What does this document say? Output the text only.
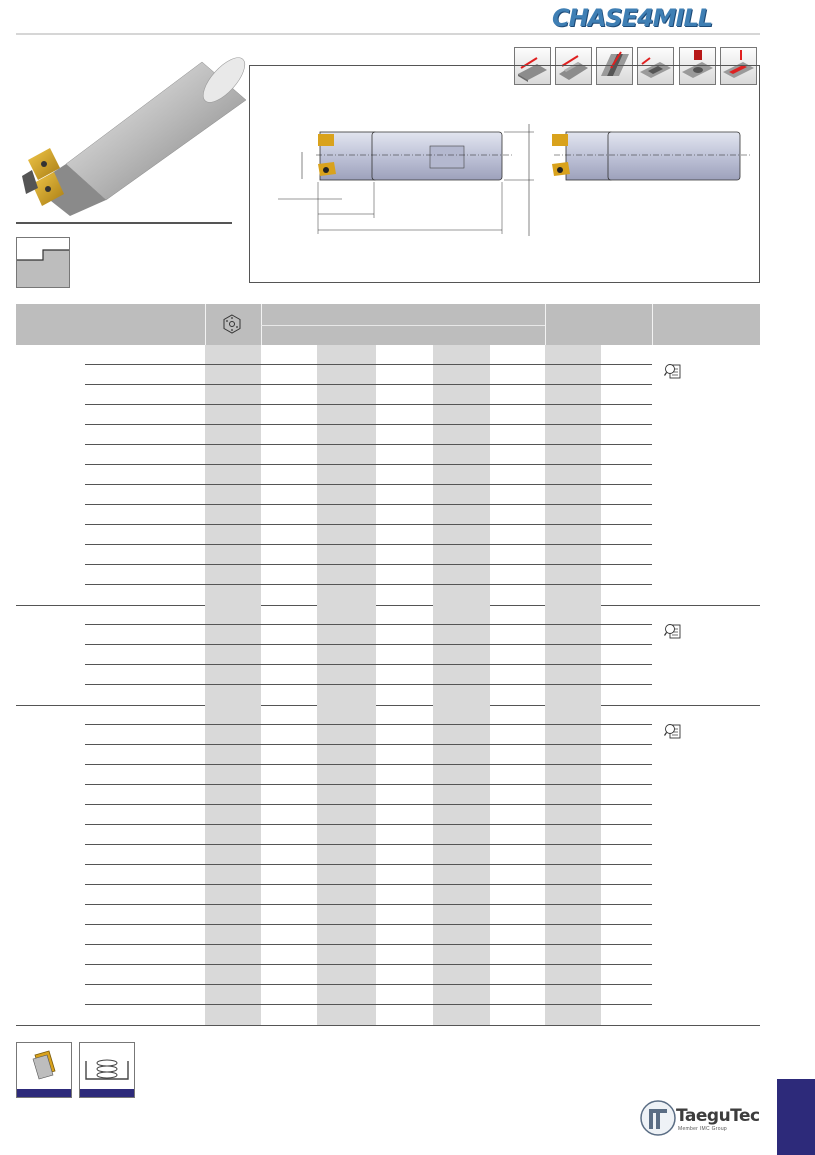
CHASE4MILL
TaeguTec
Member IMC Group
